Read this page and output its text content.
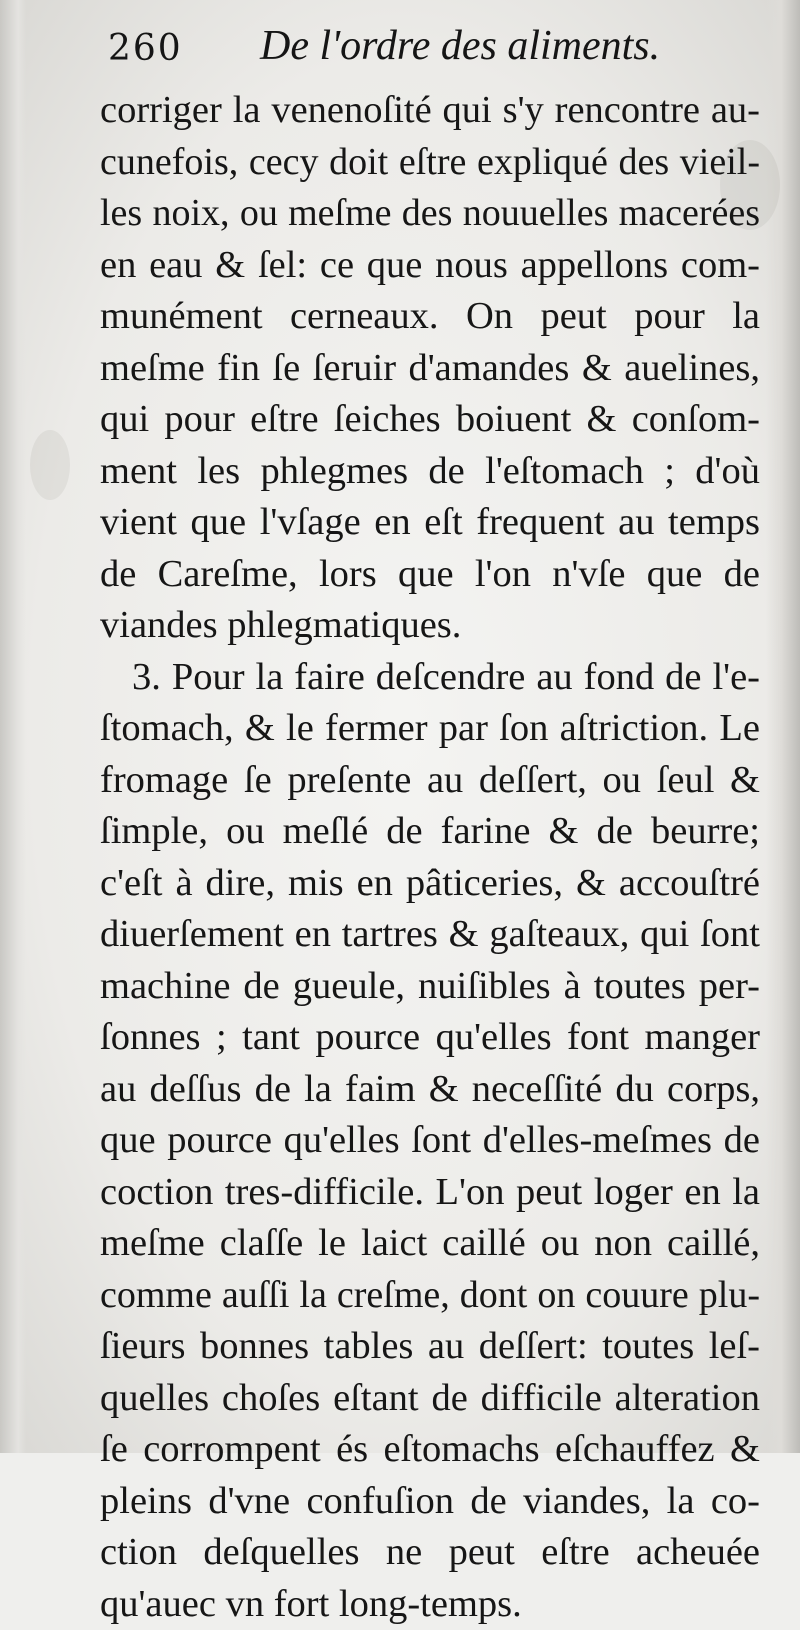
260 De l'ordre des aliments.
corriger la venenoſité qui s'y rencontre au-
cunefois, cecy doit eſtre expliqué des vieil-
les noix, ou meſme des nouuelles macerées
en eau & ſel: ce que nous appellons com-
munément cerneaux. On peut pour la
meſme fin ſe ſeruir d'amandes & auelines,
qui pour eſtre ſeiches boiuent & conſom-
ment les phlegmes de l'eſtomach ; d'où
vient que l'vſage en eſt frequent au temps
de Careſme, lors que l'on n'vſe que de
viandes phlegmatiques.
3. Pour la faire deſcendre au fond de l'e-
ſtomach, & le fermer par ſon aſtriction. Le
fromage ſe preſente au deſſert, ou ſeul &
ſimple, ou meſlé de farine & de beurre;
c'eſt à dire, mis en pâticeries, & accouſtré
diuerſement en tartres & gaſteaux, qui ſont
machine de gueule, nuiſibles à toutes per-
ſonnes ; tant pource qu'elles font manger
au deſſus de la faim & neceſſité du corps,
que pource qu'elles ſont d'elles-meſmes de
coction tres-difficile. L'on peut loger en la
meſme claſſe le laict caillé ou non caillé,
comme auſſi la creſme, dont on couure plu-
ſieurs bonnes tables au deſſert: toutes leſ-
quelles choſes eſtant de difficile alteration
ſe corrompent és eſtomachs eſchauffez &
pleins d'vne confuſion de viandes, la co-
ction deſquelles ne peut eſtre acheuée
qu'auec vn fort long-temps.
